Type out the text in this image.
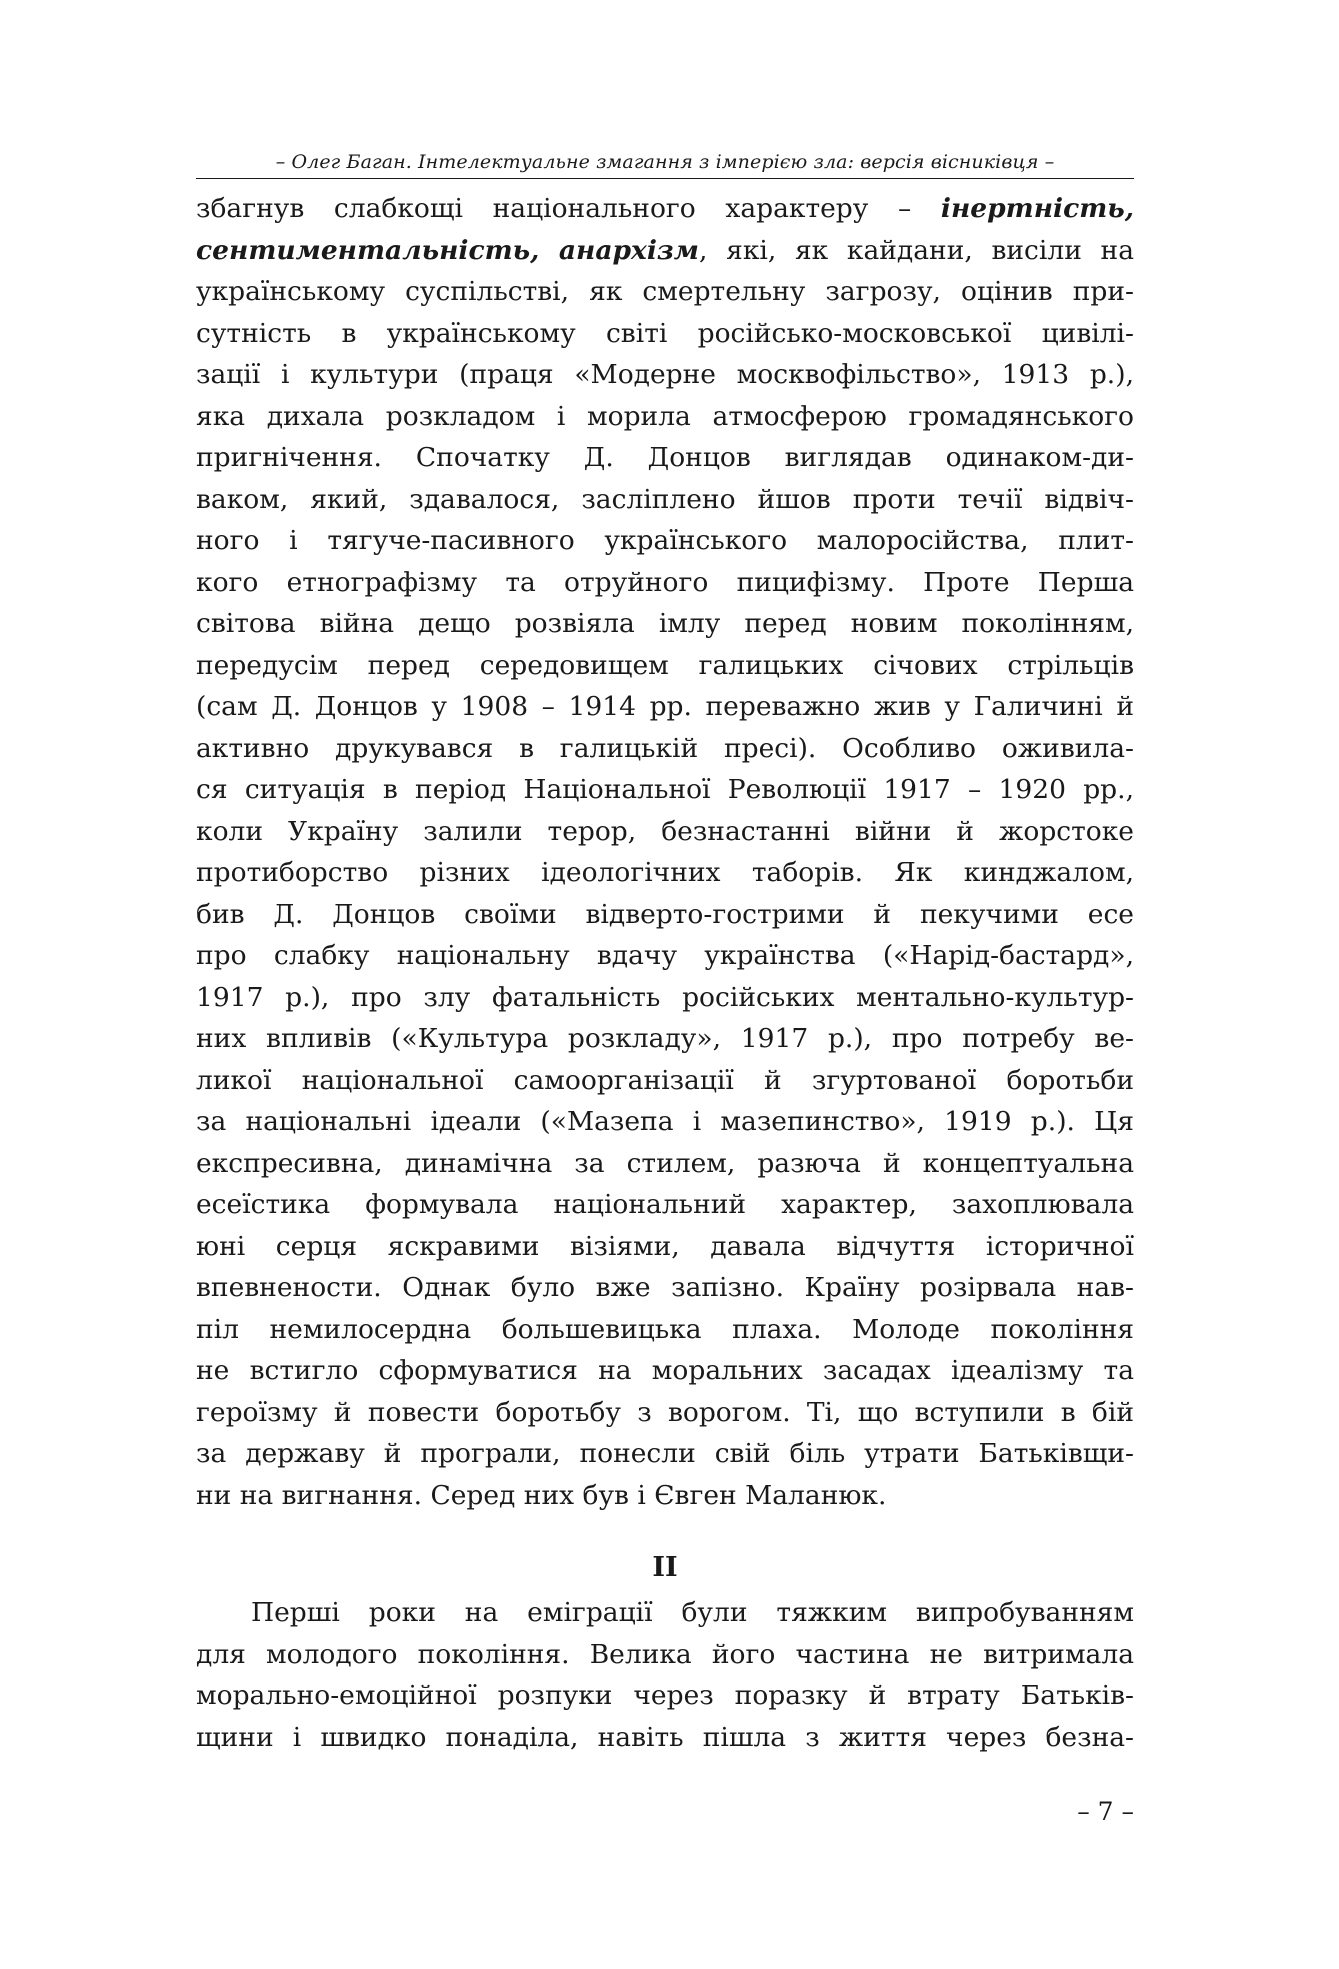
– Олег Баган. Інтелектуальне змагання з імперією зла: версія вісниківця –
збагнув слабкощі національного характеру – інертність,
сентиментальність, анархізм, які, як кайдани, висіли на
українському суспільстві, як смертельну загрозу, оцінив при-
сутність в українському світі російсько-московської цивілі-
зації і культури (праця «Модерне москвофільство», 1913 р.),
яка дихала розкладом і морила атмосферою громадянського
пригнічення. Спочатку Д. Донцов виглядав одинаком-ди-
ваком, який, здавалося, засліплено йшов проти течії відвіч-
ного і тягуче-пасивного українського малоросійства, плит-
кого етнографізму та отруйного пицифізму. Проте Перша
світова війна дещо розвіяла імлу перед новим поколінням,
передусім перед середовищем галицьких січових стрільців
(сам Д. Донцов у 1908 – 1914 рр. переважно жив у Галичині й
активно друкувався в галицькій пресі). Особливо оживила-
ся ситуація в період Національної Революції 1917 – 1920 рр.,
коли Україну залили терор, безнастанні війни й жорстоке
протиборство різних ідеологічних таборів. Як кинджалом,
бив Д. Донцов своїми відверто-гострими й пекучими есе
про слабку національну вдачу українства («Нарід-бастард»,
1917 р.), про злу фатальність російських ментально-культур-
них впливів («Культура розкладу», 1917 р.), про потребу ве-
ликої національної самоорганізації й згуртованої боротьби
за національні ідеали («Мазепа і мазепинство», 1919 р.). Ця
експресивна, динамічна за стилем, разюча й концептуальна
есеїстика формувала національний характер, захоплювала
юні серця яскравими візіями, давала відчуття історичної
впевнености. Однак було вже запізно. Країну розірвала нав-
піл немилосердна большевицька плаха. Молоде покоління
не встигло сформуватися на моральних засадах ідеалізму та
героїзму й повести боротьбу з ворогом. Ті, що вступили в бій
за державу й програли, понесли свій біль утрати Батьківщи-
ни на вигнання. Серед них був і Євген Маланюк.
II
Перші роки на еміграції були тяжким випробуванням
для молодого покоління. Велика його частина не витримала
морально-емоційної розпуки через поразку й втрату Батьків-
щини і швидко понаділа, навіть пішла з життя через безна-
– 7 –
